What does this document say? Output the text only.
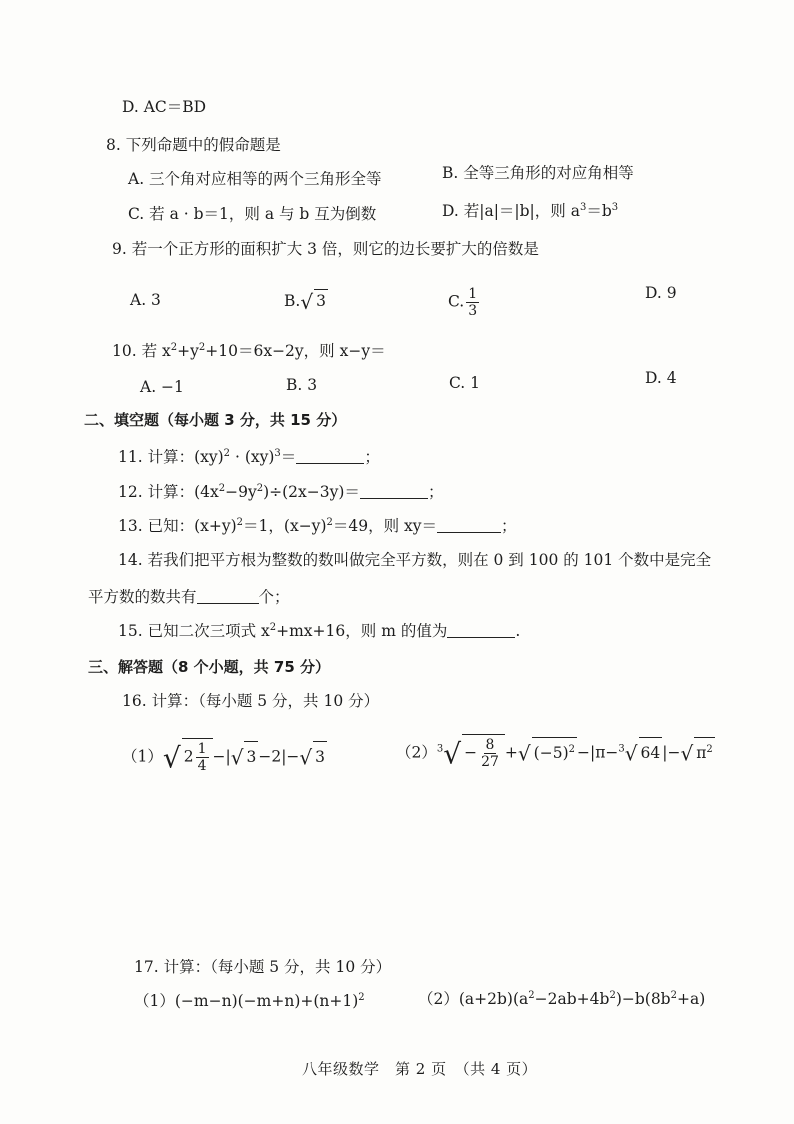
D. AC＝BD
8. 下列命题中的假命题是
A. 三个角对应相等的两个三角形全等	B. 全等三角形的对应角相等
C. 若 a · b＝1，则 a 与 b 互为倒数	D. 若|a|＝|b|，则 $a^3=b^3$
9. 若一个正方形的面积扩大 3 倍，则它的边长要扩大的倍数是
A. 3	B.√ 3	C. $\frac{1}{3}$	D. 9
10. 若 $x^2+y^2+10=6x-2y$，则 x−y＝
A. −1	B. 3	C. 1	D. 4
二、填空题（每小题 3 分，共 15 分）
11. 计算：(xy)$^2$ · (xy)$^3$＝	；
12. 计算：$(4x^2-9y^2)\div(2x-3y)=$	；
13. 已知：$(x+y)^2=1$，$(x-y)^2=49$，则 xy＝	；
14. 若我们把平方根为整数的数叫做完全平方数，则在 0 到 100 的 101 个数中是完全
平方数的数共有	个；
15. 已知二次三项式 $x^2+mx+16$，则 m 的值为	.
三、解答题（8 个小题，共 75 分）
16. 计算：（每小题 5 分，共 10 分）
（1）√ $2 \frac{1}{4}$ −|√ 3 −2|−√ 3	$(2)^3√ - \frac{8}{27}$ +√ $(-5)^2 -|\pi-^3√$ 64 |−√ $\pi^2$
17. 计算：（每小题 5 分，共 10 分）
$(1)(-m-n)(-m+n)+(n+1)^2$	$(2)(a+2b)(a^2-2ab+4b^2)-b(8b^2+a)$
八年级数学　第 2 页　（共 4 页）
